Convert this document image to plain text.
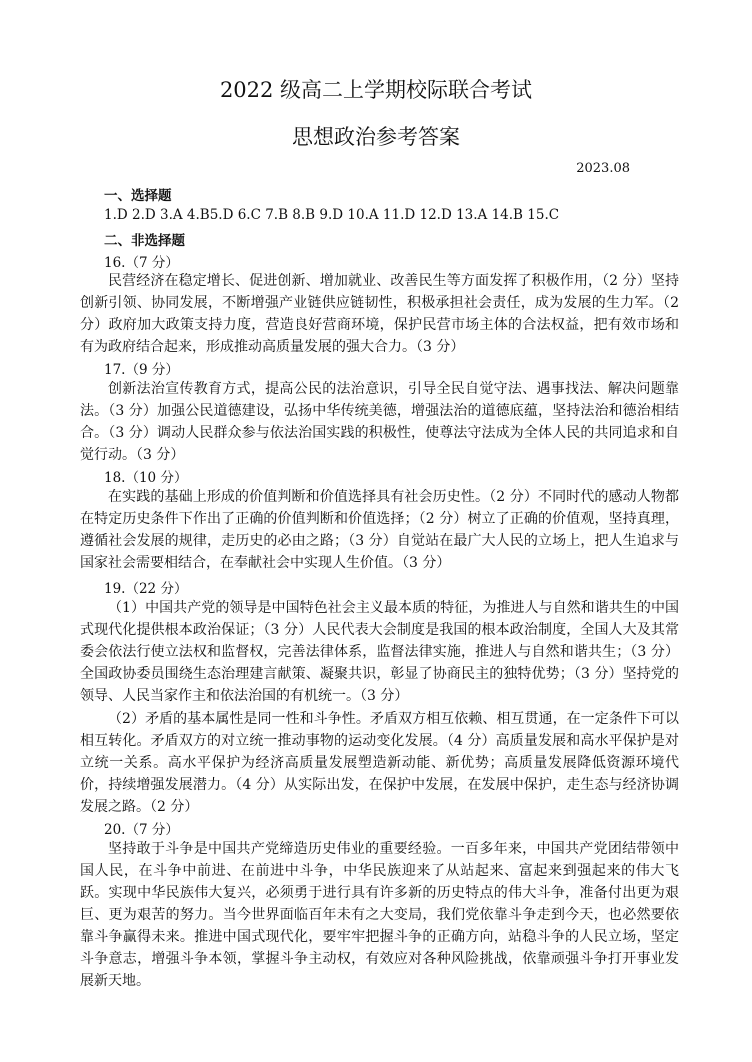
2022 级高二上学期校际联合考试
思想政治参考答案
2023.08
一、选择题
1.D 2.D 3.A 4.B5.D 6.C 7.B 8.B 9.D 10.A 11.D 12.D 13.A 14.B 15.C
二、非选择题
16.（7 分）

民营经济在稳定增长、促进创新、增加就业、改善民生等方面发挥了积极作用，（2 分）坚持创新引领、协同发展，不断增强产业链供应链韧性，积极承担社会责任，成为发展的生力军。（2 分）政府加大政策支持力度，营造良好营商环境，保护民营市场主体的合法权益，把有效市场和有为政府结合起来，形成推动高质量发展的强大合力。（3 分）

17.（9 分）

创新法治宣传教育方式，提高公民的法治意识，引导全民自觉守法、遇事找法、解决问题靠法。（3 分）加强公民道德建设，弘扬中华传统美德，增强法治的道德底蕴，坚持法治和德治相结合。（3 分）调动人民群众参与依法治国实践的积极性，使尊法守法成为全体人民的共同追求和自觉行动。（3 分）

18.（10 分）

在实践的基础上形成的价值判断和价值选择具有社会历史性。（2 分）不同时代的感动人物都在特定历史条件下作出了正确的价值判断和价值选择；（2 分）树立了正确的价值观，坚持真理，遵循社会发展的规律，走历史的必由之路；（3 分）自觉站在最广大人民的立场上，把人生追求与国家社会需要相结合，在奉献社会中实现人生价值。（3 分）

19.（22 分）

（1）中国共产党的领导是中国特色社会主义最本质的特征，为推进人与自然和谐共生的中国式现代化提供根本政治保证；（3 分）人民代表大会制度是我国的根本政治制度，全国人大及其常委会依法行使立法权和监督权，完善法律体系，监督法律实施，推进人与自然和谐共生；（3 分）全国政协委员围绕生态治理建言献策、凝聚共识，彰显了协商民主的独特优势；（3 分）坚持党的领导、人民当家作主和依法治国的有机统一。（3 分）

（2）矛盾的基本属性是同一性和斗争性。矛盾双方相互依赖、相互贯通，在一定条件下可以相互转化。矛盾双方的对立统一推动事物的运动变化发展。（4 分）高质量发展和高水平保护是对立统一关系。高水平保护为经济高质量发展塑造新动能、新优势；高质量发展降低资源环境代价，持续增强发展潜力。（4 分）从实际出发，在保护中发展，在发展中保护，走生态与经济协调发展之路。（2 分）

20.（7 分）

坚持敢于斗争是中国共产党缔造历史伟业的重要经验。一百多年来，中国共产党团结带领中国人民，在斗争中前进、在前进中斗争，中华民族迎来了从站起来、富起来到强起来的伟大飞跃。实现中华民族伟大复兴，必须勇于进行具有许多新的历史特点的伟大斗争，准备付出更为艰巨、更为艰苦的努力。当今世界面临百年未有之大变局，我们党依靠斗争走到今天，也必然要依靠斗争赢得未来。推进中国式现代化，要牢牢把握斗争的正确方向，站稳斗争的人民立场，坚定斗争意志，增强斗争本领，掌握斗争主动权，有效应对各种风险挑战，依靠顽强斗争打开事业发展新天地。
